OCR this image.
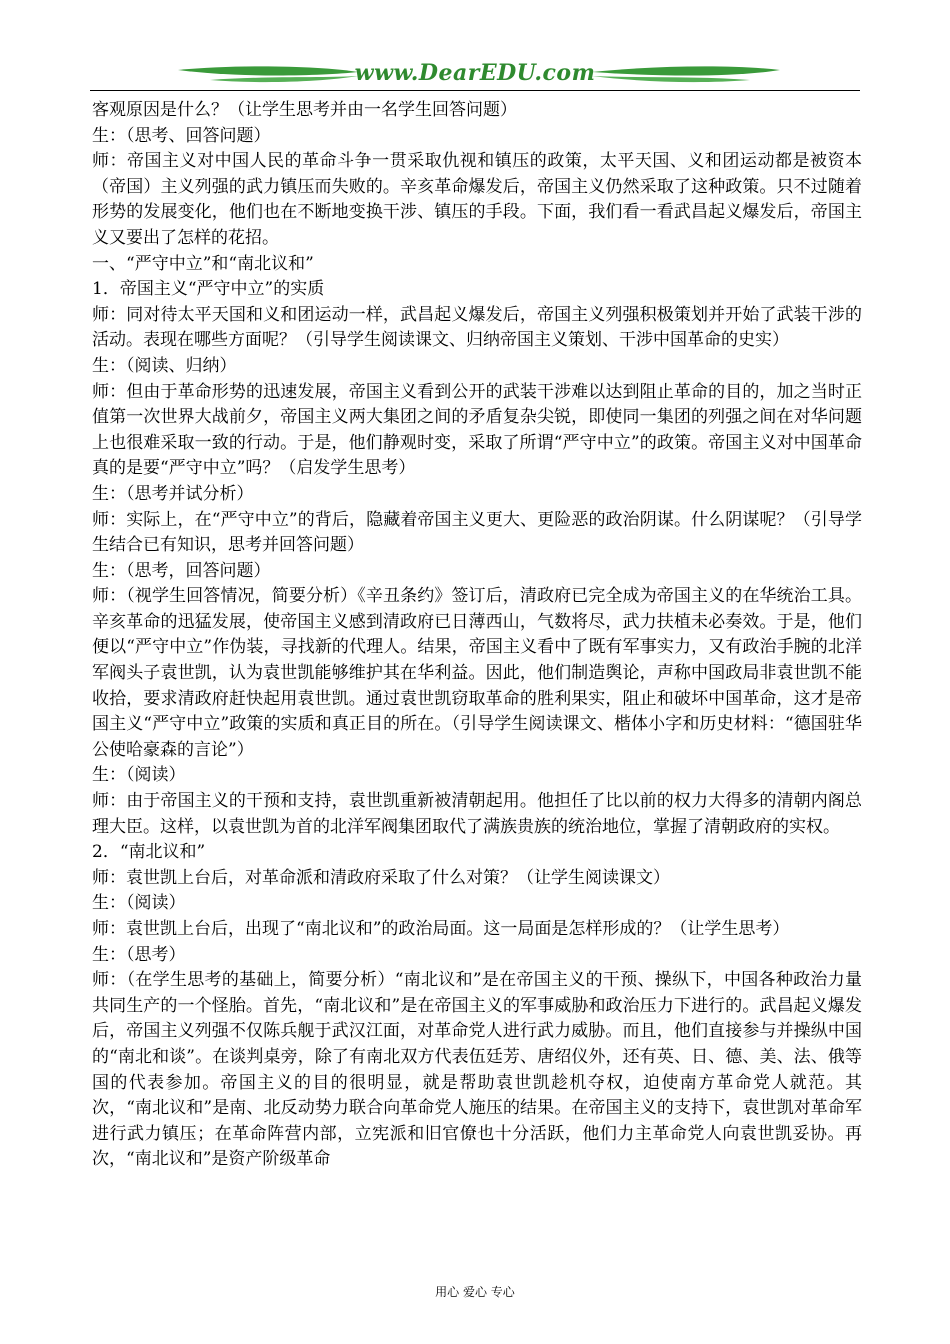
www.DearEDU.com

客观原因是什么？（让学生思考并由一名学生回答问题）

生：（思考、回答问题）

师：帝国主义对中国人民的革命斗争一贯采取仇视和镇压的政策，太平天国、义和团运动都是被资本（帝国）主义列强的武力镇压而失败的。辛亥革命爆发后，帝国主义仍然采取了这种政策。只不过随着形势的发展变化，他们也在不断地变换干涉、镇压的手段。下面，我们看一看武昌起义爆发后，帝国主义又要出了怎样的花招。

一、“严守中立”和“南北议和”

1．帝国主义“严守中立”的实质

师：同对待太平天国和义和团运动一样，武昌起义爆发后，帝国主义列强积极策划并开始了武装干涉的活动。表现在哪些方面呢？（引导学生阅读课文、归纳帝国主义策划、干涉中国革命的史实）

生：（阅读、归纳）

师：但由于革命形势的迅速发展，帝国主义看到公开的武装干涉难以达到阻止革命的目的，加之当时正值第一次世界大战前夕，帝国主义两大集团之间的矛盾复杂尖锐，即使同一集团的列强之间在对华问题上也很难采取一致的行动。于是，他们静观时变，采取了所谓“严守中立”的政策。帝国主义对中国革命真的是要“严守中立”吗？（启发学生思考）

生：（思考并试分析）

师：实际上，在“严守中立”的背后，隐藏着帝国主义更大、更险恶的政治阴谋。什么阴谋呢？（引导学生结合已有知识，思考并回答问题）

生：（思考，回答问题）

师：（视学生回答情况，简要分析）《辛丑条约》签订后，清政府已完全成为帝国主义的在华统治工具。辛亥革命的迅猛发展，使帝国主义感到清政府已日薄西山，气数将尽，武力扶植未必奏效。于是，他们便以“严守中立”作伪装，寻找新的代理人。结果，帝国主义看中了既有军事实力，又有政治手腕的北洋军阀头子袁世凯，认为袁世凯能够维护其在华利益。因此，他们制造舆论，声称中国政局非袁世凯不能收拾，要求清政府赶快起用袁世凯。通过袁世凯窃取革命的胜利果实，阻止和破坏中国革命，这才是帝国主义“严守中立”政策的实质和真正目的所在。（引导学生阅读课文、楷体小字和历史材料：“德国驻华公使哈豪森的言论”）

生：（阅读）

师：由于帝国主义的干预和支持，袁世凯重新被清朝起用。他担任了比以前的权力大得多的清朝内阁总理大臣。这样，以袁世凯为首的北洋军阀集团取代了满族贵族的统治地位，掌握了清朝政府的实权。

2．“南北议和”

师：袁世凯上台后，对革命派和清政府采取了什么对策？（让学生阅读课文）

生：（阅读）

师：袁世凯上台后，出现了“南北议和”的政治局面。这一局面是怎样形成的？（让学生思考）

生：（思考）

师：（在学生思考的基础上，简要分析）“南北议和”是在帝国主义的干预、操纵下，中国各种政治力量共同生产的一个怪胎。首先，“南北议和”是在帝国主义的军事威胁和政治压力下进行的。武昌起义爆发后，帝国主义列强不仅陈兵舰于武汉江面，对革命党人进行武力威胁。而且，他们直接参与并操纵中国的“南北和谈”。在谈判桌旁，除了有南北双方代表伍廷芳、唐绍仪外，还有英、日、德、美、法、俄等国的代表参加。帝国主义的目的很明显，就是帮助袁世凯趁机夺权，迫使南方革命党人就范。其次，“南北议和”是南、北反动势力联合向革命党人施压的结果。在帝国主义的支持下，袁世凯对革命军进行武力镇压；在革命阵营内部，立宪派和旧官僚也十分活跃，他们力主革命党人向袁世凯妥协。再次，“南北议和”是资产阶级革命

用心 爱心 专心
